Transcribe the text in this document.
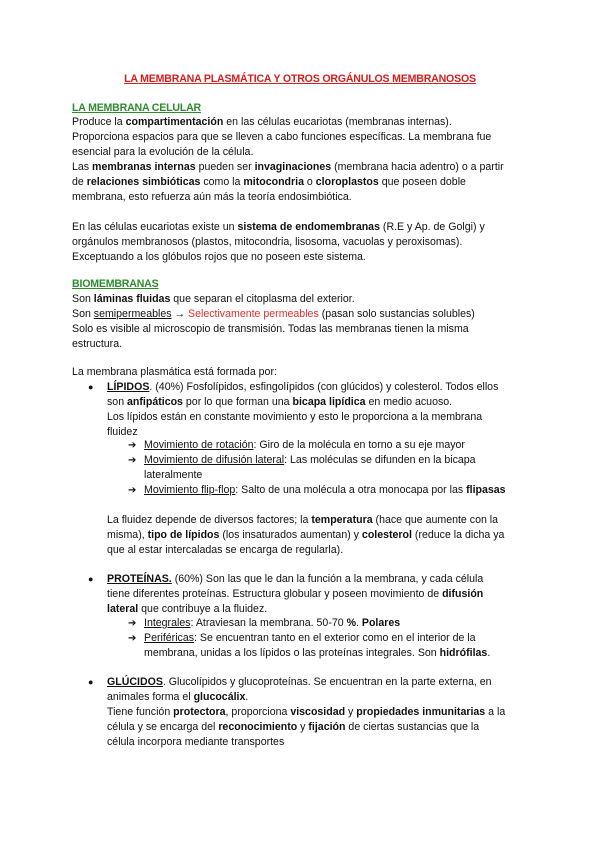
LA MEMBRANA PLASMÁTICA Y OTROS ORGÁNULOS MEMBRANOSOS
LA MEMBRANA CELULAR
Produce la compartimentación en las células eucariotas (membranas internas).
Proporciona espacios para que se lleven a cabo funciones específicas. La membrana fue
esencial para la evolución de la célula.
Las membranas internas pueden ser invaginaciones (membrana hacia adentro) o a partir
de relaciones simbióticas como la mitocondria o cloroplastos que poseen doble
membrana, esto refuerza aún más la teoría endosimbiótica.
En las células eucariotas existe un sistema de endomembranas (R.E y Ap. de Golgi) y
orgánulos membranosos (plastos, mitocondria, lisosoma, vacuolas y peroxisomas).
Exceptuando a los glóbulos rojos que no poseen este sistema.
BIOMEMBRANAS
Son láminas fluidas que separan el citoplasma del exterior.
Son semipermeables → Selectivamente permeables (pasan solo sustancias solubles)
Solo es visible al microscopio de transmisión. Todas las membranas tienen la misma
estructura.
La membrana plasmática está formada por:
● LÍPIDOS. (40%) Fosfolípidos, esfingolípidos (con glúcidos) y colesterol. Todos ellos
son anfipáticos por lo que forman una bicapa lipídica en medio acuoso.
Los lípidos están en constante movimiento y esto le proporciona a la membrana
fluidez
➔ Movimiento de rotación: Giro de la molécula en torno a su eje mayor
➔ Movimiento de difusión lateral: Las moléculas se difunden en la bicapa
lateralmente
➔ Movimiento flip-flop: Salto de una molécula a otra monocapa por las flipasas
La fluidez depende de diversos factores; la temperatura (hace que aumente con la
misma), tipo de lípidos (los insaturados aumentan) y colesterol (reduce la dicha ya
que al estar intercaladas se encarga de regularla).
● PROTEÍNAS. (60%) Son las que le dan la función a la membrana, y cada célula
tiene diferentes proteínas. Estructura globular y poseen movimiento de difusión
lateral que contribuye a la fluidez.
➔ Integrales: Atraviesan la membrana. 50-70 %. Polares
➔ Periféricas: Se encuentran tanto en el exterior como en el interior de la
membrana, unidas a los lípidos o las proteínas integrales. Son hidrófilas.
● GLÚCIDOS. Glucolípidos y glucoproteínas. Se encuentran en la parte externa, en
animales forma el glucocálix.
Tiene función protectora, proporciona viscosidad y propiedades inmunitarias a la
célula y se encarga del reconocimiento y fijación de ciertas sustancias que la
célula incorpora mediante transportes
